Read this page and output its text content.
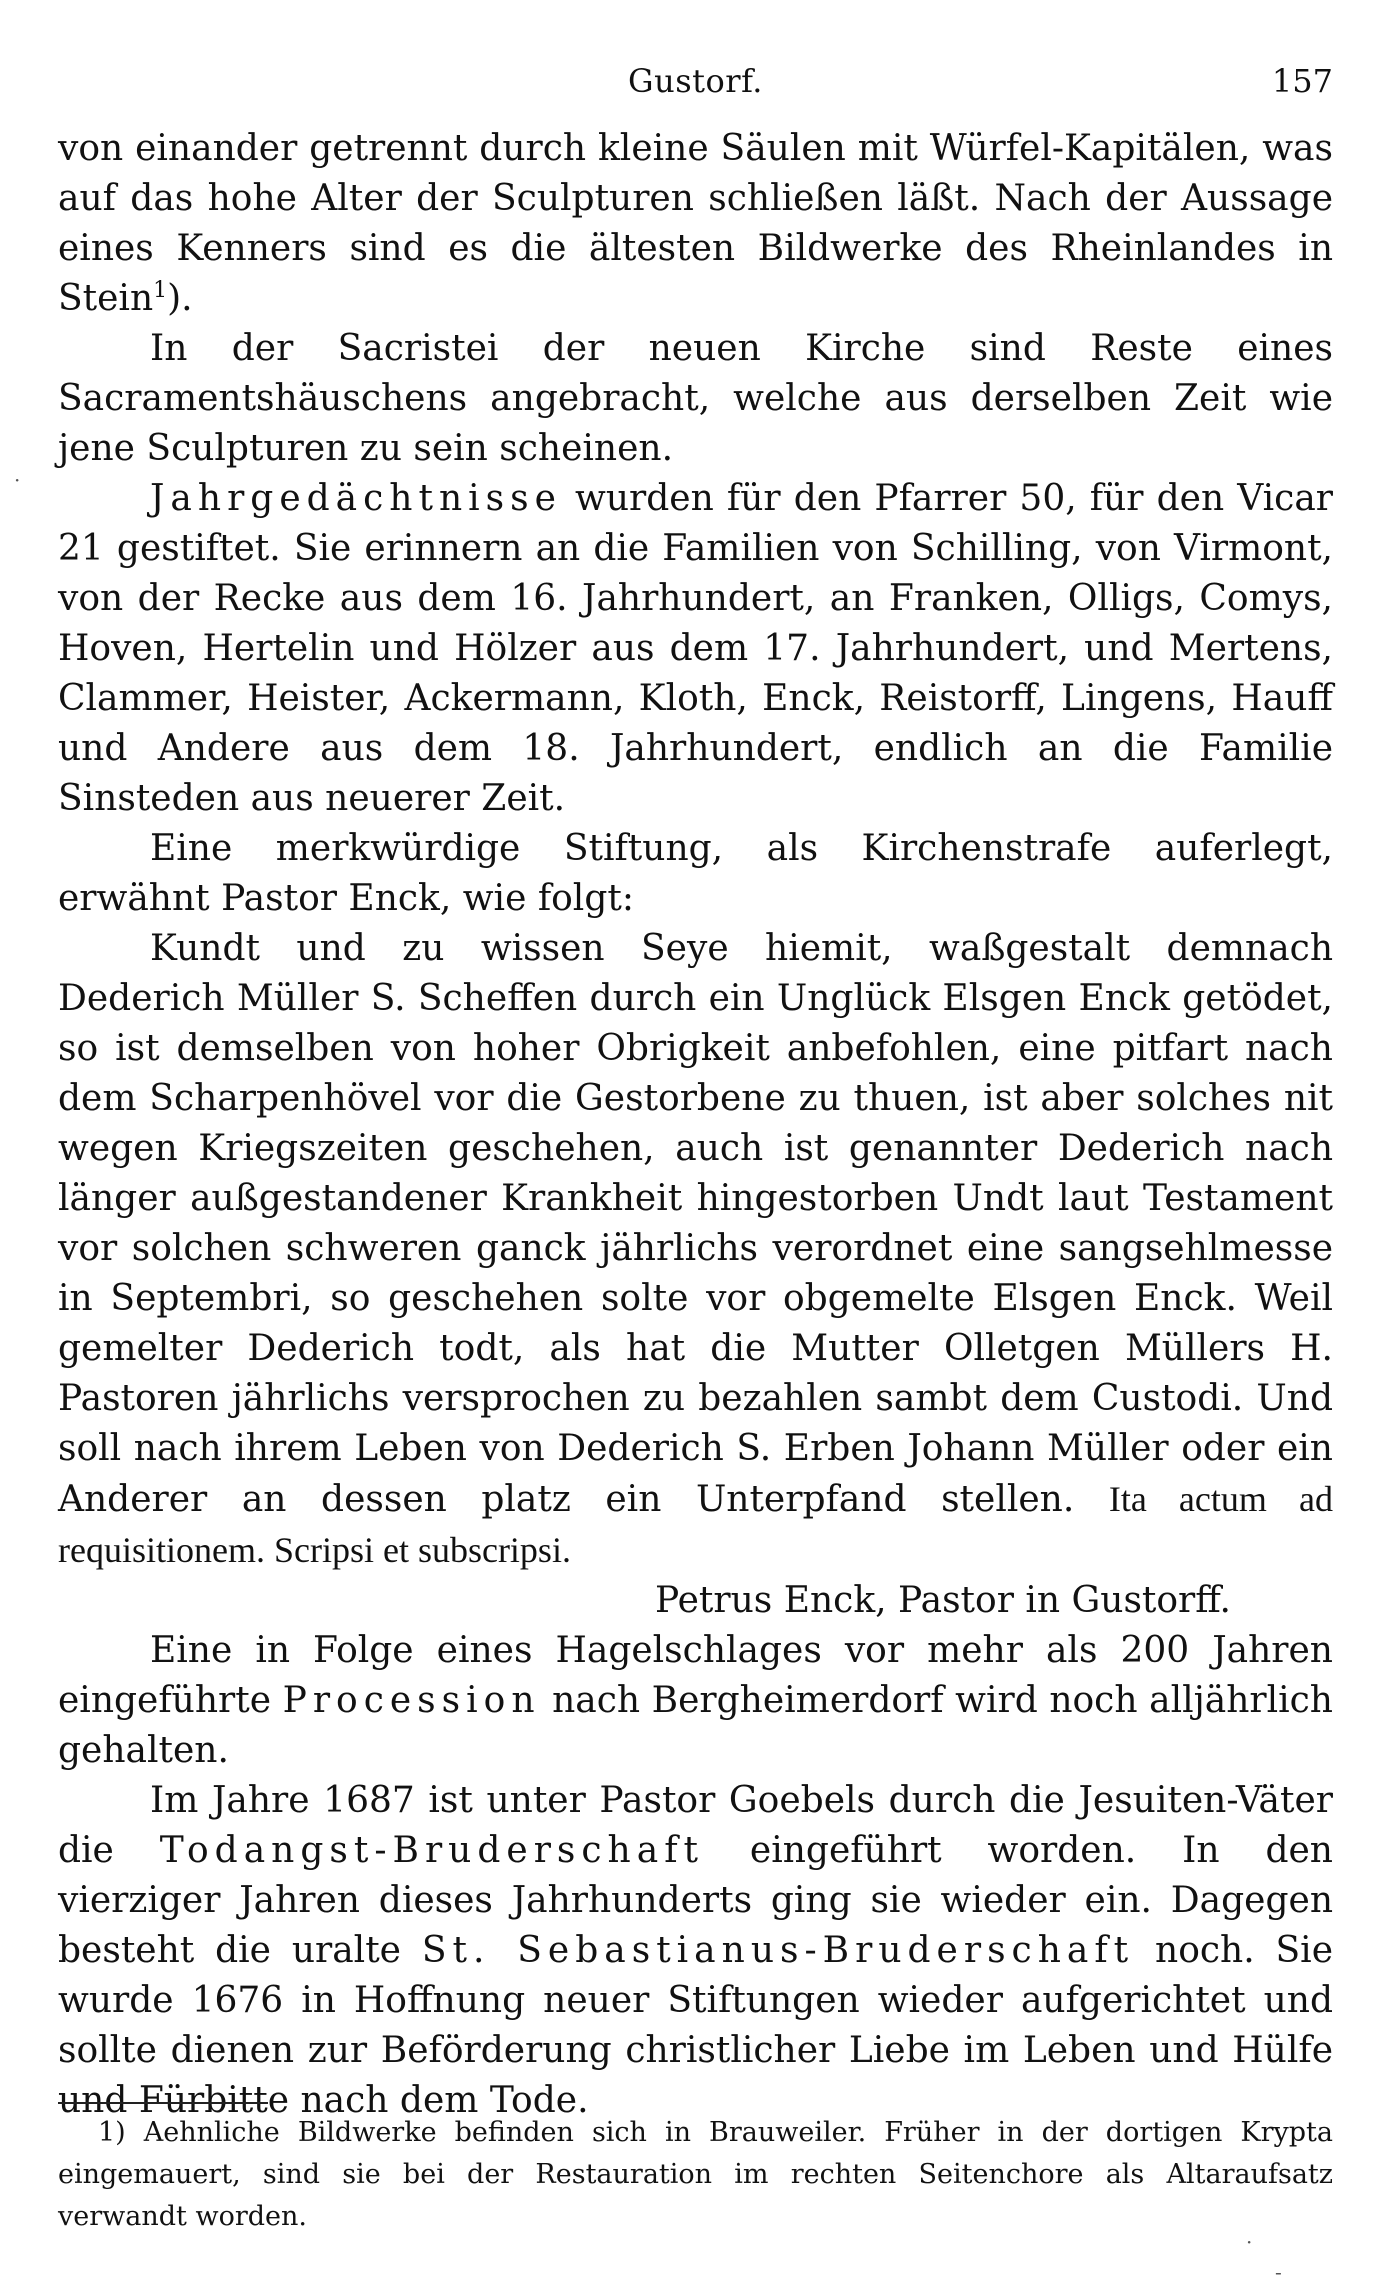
Gustorf.	157

von einander getrennt durch kleine Säulen mit Würfel-Kapitälen, was auf das hohe Alter der Sculpturen schließen läßt. Nach der Aussage eines Kenners sind es die ältesten Bildwerke des Rheinlandes in Stein$^1$).

In der Sacristei der neuen Kirche sind Reste eines Sacramentshäuschens angebracht, welche aus derselben Zeit wie jene Sculpturen zu sein scheinen.

Jahrgedächtnisse wurden für den Pfarrer 50, für den Vicar 21 gestiftet. Sie erinnern an die Familien von Schilling, von Virmont, von der Recke aus dem 16. Jahrhundert, an Franken, Olligs, Comys, Hoven, Hertelin und Hölzer aus dem 17. Jahrhundert, und Mertens, Clammer, Heister, Ackermann, Kloth, Enck, Reistorff, Lingens, Hauff und Andere aus dem 18. Jahrhundert, endlich an die Familie Sinsteden aus neuerer Zeit.

Eine merkwürdige Stiftung, als Kirchenstrafe auferlegt, erwähnt Pastor Enck, wie folgt:

Kundt und zu wissen Seye hiemit, waßgestalt demnach Dederich Müller S. Scheffen durch ein Unglück Elsgen Enck getödet, so ist demselben von hoher Obrigkeit anbefohlen, eine pitfart nach dem Scharpenhövel vor die Gestorbene zu thuen, ist aber solches nit wegen Kriegszeiten geschehen, auch ist genannter Dederich nach länger außgestandener Krankheit hingestorben Undt laut Testament vor solchen schweren ganck jährlichs verordnet eine sangsehlmesse in Septembri, so geschehen solte vor obgemelte Elsgen Enck. Weil gemelter Dederich todt, als hat die Mutter Olletgen Müllers H. Pastoren jährlichs versprochen zu bezahlen sambt dem Custodi. Und soll nach ihrem Leben von Dederich S. Erben Johann Müller oder ein Anderer an dessen platz ein Unterpfand stellen. Ita actum ad requisitionem. Scripsi et subscripsi.

Petrus Enck, Pastor in Gustorff.

Eine in Folge eines Hagelschlages vor mehr als 200 Jahren eingeführte Procession nach Bergheimerdorf wird noch alljährlich gehalten.

Im Jahre 1687 ist unter Pastor Goebels durch die Jesuiten-Väter die Todangst-Bruderschaft eingeführt worden. In den vierziger Jahren dieses Jahrhunderts ging sie wieder ein. Dagegen besteht die uralte St. Sebastianus-Bruderschaft noch. Sie wurde 1676 in Hoffnung neuer Stiftungen wieder aufgerichtet und sollte dienen zur Beförderung christlicher Liebe im Leben und Hülfe und Fürbitte nach dem Tode.

1) Aehnliche Bildwerke befinden sich in Brauweiler. Früher in der dortigen Krypta eingemauert, sind sie bei der Restauration im rechten Seitenchore als Altaraufsatz verwandt worden.

·
·
-
